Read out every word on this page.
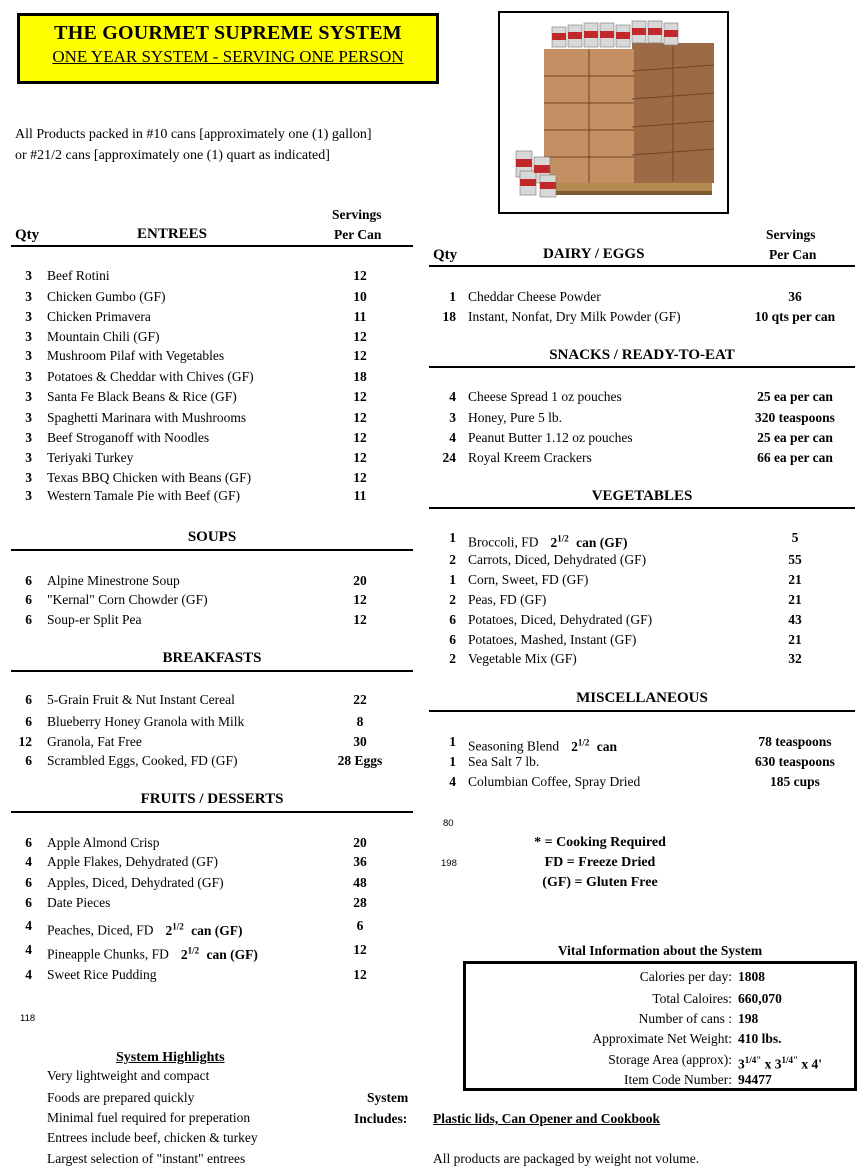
THE GOURMET SUPREME SYSTEM
ONE YEAR SYSTEM - SERVING ONE PERSON
All Products packed in #10 cans [approximately one (1) gallon]
or #21/2 cans [approximately one (1) quart as indicated]
Servings
Qty	ENTREES	Per Can
3 Beef Rotini	12
3 Chicken Gumbo (GF)	10
3 Chicken Primavera	11
3 Mountain Chili (GF)	12
3 Mushroom Pilaf with Vegetables	12
3 Potatoes & Cheddar with Chives (GF)	18
3 Santa Fe Black Beans & Rice (GF)	12
3 Spaghetti Marinara with Mushrooms	12
3 Beef Stroganoff with Noodles	12
3 Teriyaki Turkey	12
3 Texas BBQ Chicken with Beans (GF)	12
3 Western Tamale Pie with Beef (GF)	11
SOUPS
6 Alpine Minestrone Soup	20
6 "Kernal" Corn Chowder (GF)	12
6 Soup-er Split Pea	12
BREAKFASTS
6 5-Grain Fruit & Nut Instant Cereal	22
6 Blueberry Honey Granola with Milk	8
12 Granola, Fat Free	30
6 Scrambled Eggs, Cooked, FD (GF)	28 Eggs
FRUITS / DESSERTS
6 Apple Almond Crisp	20
4 Apple Flakes, Dehydrated (GF)	36
6 Apples, Diced, Dehydrated (GF)	48
6 Date Pieces	28
4 Peaches, Diced, FD $2^{1/2}$ can (GF)	6
4 Pineapple Chunks, FD $2^{1/2}$ can (GF)	12
4 Sweet Rice Pudding	12
118
Servings
Qty	DAIRY / EGGS	Per Can
1 Cheddar Cheese Powder	36
18 Instant, Nonfat, Dry Milk Powder (GF)	10 qts per can
SNACKS / READY-TO-EAT
4 Cheese Spread 1 oz pouches	25 ea per can
3 Honey, Pure 5 lb.	320 teaspoons
4 Peanut Butter 1.12 oz pouches	25 ea per can
24 Royal Kreem Crackers	66 ea per can
VEGETABLES
1 Broccoli, FD $2^{1/2}$ can (GF)	5
2 Carrots, Diced, Dehydrated (GF)	55
1 Corn, Sweet, FD (GF)	21
2 Peas, FD (GF)	21
6 Potatoes, Diced, Dehydrated (GF)	43
6 Potatoes, Mashed, Instant (GF)	21
2 Vegetable Mix (GF)	32
MISCELLANEOUS
1 Seasoning Blend $2^{1/2}$ can	78 teaspoons
1 Sea Salt 7 lb.	630 teaspoons
4 Columbian Coffee, Spray Dried	185 cups
80
198
* = Cooking Required
FD = Freeze Dried
(GF) = Gluten Free
Vital Information about the System
Calories per day: 1808
Total Caloires: 660,070
Number of cans : 198
Approximate Net Weight: 410 lbs.
Storage Area (approx): $3^{1/4"}$ x $3^{1/4"}$ x 4'
Item Code Number: 94477
System Highlights
Very lightweight and compact
Foods are prepared quickly
Minimal fuel required for preperation
Entrees include beef, chicken & turkey
Largest selection of "instant" entrees
System
Includes: Plastic lids, Can Opener and Cookbook
All products are packaged by weight not volume.
